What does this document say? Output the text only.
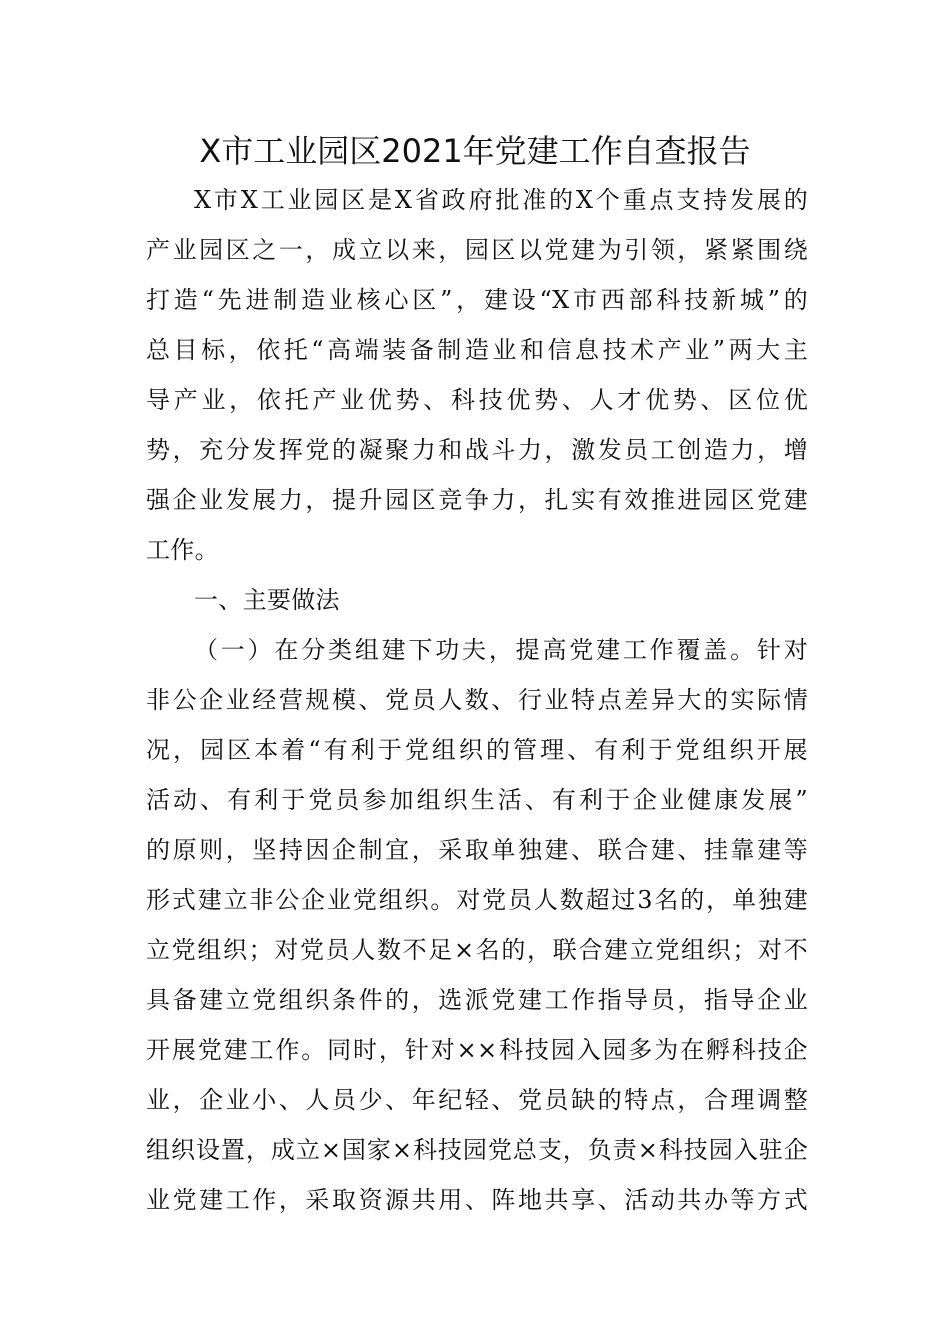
X市工业园区2021年党建工作自查报告
X市X工业园区是X省政府批准的X个重点支持发展的
产业园区之一，成立以来，园区以党建为引领，紧紧围绕
打造“先进制造业核心区”，建设“X市西部科技新城”的
总目标，依托“高端装备制造业和信息技术产业”两大主
导产业，依托产业优势、科技优势、人才优势、区位优
势，充分发挥党的凝聚力和战斗力，激发员工创造力，增
强企业发展力，提升园区竞争力，扎实有效推进园区党建
工作。
一、主要做法
（一）在分类组建下功夫，提高党建工作覆盖。针对
非公企业经营规模、党员人数、行业特点差异大的实际情
况，园区本着“有利于党组织的管理、有利于党组织开展
活动、有利于党员参加组织生活、有利于企业健康发展”
的原则，坚持因企制宜，采取单独建、联合建、挂靠建等
形式建立非公企业党组织。对党员人数超过3名的，单独建
立党组织；对党员人数不足×名的，联合建立党组织；对不
具备建立党组织条件的，选派党建工作指导员，指导企业
开展党建工作。同时，针对××科技园入园多为在孵科技企
业，企业小、人员少、年纪轻、党员缺的特点，合理调整
组织设置，成立×国家×科技园党总支，负责×科技园入驻企
业党建工作，采取资源共用、阵地共享、活动共办等方式
